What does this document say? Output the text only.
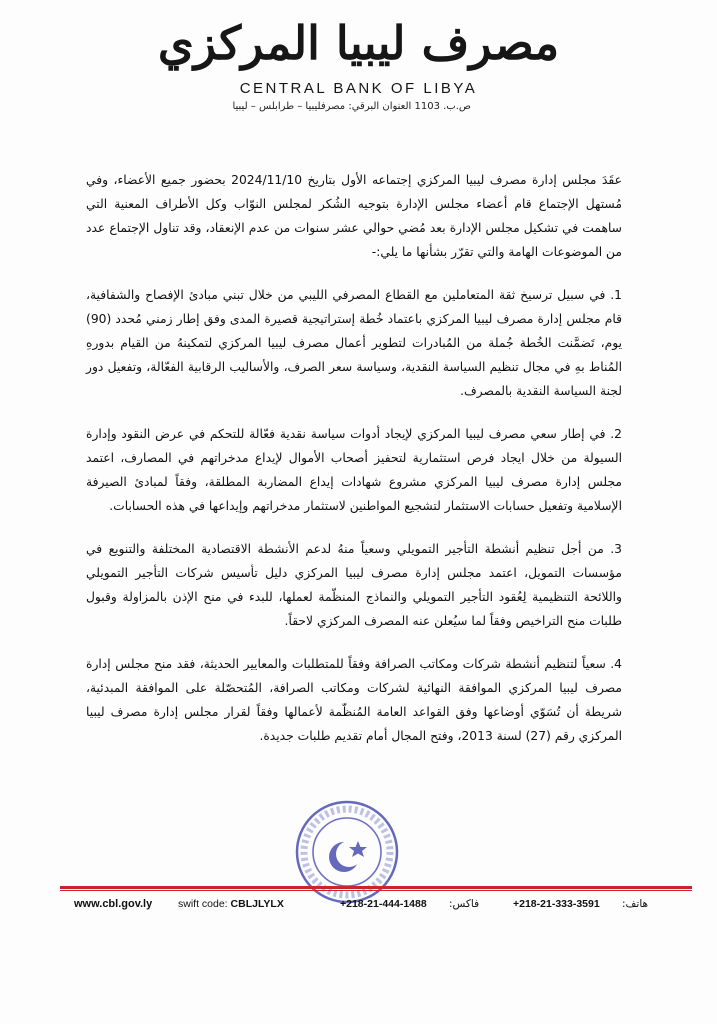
مصرف ليبيا المركزي
CENTRAL BANK OF LIBYA
ص.ب. 1103 العنوان البرقي: مصرفليبيا – طرابلس – ليبيا

عقَدَ مجلس إدارة مصرف ليبيا المركزي إجتماعه الأول بتاريخ 2024/11/10 بحضور جميع الأعضاء، وفي مُستهل الإجتماع قام أعضاء مجلس الإدارة بتوجيه الشُكر لمجلس النوّاب وكل الأطراف المعنية التي ساهمت في تشكيل مجلس الإدارة بعد مُضي حوالي عشر سنوات من عدم الإنعقاد، وقد تناول الإجتماع عدد من الموضوعات الهامة والتي تقرّر بشأنها ما يلي:-

1. في سبيل ترسيخ ثقة المتعاملين مع القطاع المصرفي الليبي من خلال تبني مبادئ الإفصاح والشفافية، قام مجلس إدارة مصرف ليبيا المركزي باعتماد خُطة إستراتيجية قصيرة المدى وفق إطار زمني مُحدد (90) يوم، تَضمَّنت الخُطة جُملة من المُبادرات لتطوير أعمال مصرف ليبيا المركزي لتمكينهُ من القيام بدورهِ المُناط بهِ في مجال تنظيم السياسة النقدية، وسياسة سعر الصرف، والأساليب الرقابية الفعّالة، وتفعيل دور لجنة السياسة النقدية بالمصرف.

2. في إطار سعي مصرف ليبيا المركزي لإيجاد أدوات سياسة نقدية فعّالة للتحكم في عرض النقود وإدارة السيولة من خلال ايجاد فرص استثمارية لتحفيز أصحاب الأموال لإيداع مدخراتهم في المصارف، اعتمد مجلس إدارة مصرف ليبيا المركزي مشروع شهادات إيداع المضاربة المطلقة، وفقاً لمبادئ الصيرفة الإسلامية وتفعيل حسابات الاستثمار لتشجيع المواطنين لاستثمار مدخراتهم وإيداعها في هذه الحسابات.

3. من أجل تنظيم أنشطة التأجير التمويلي وسعياً منهُ لدعم الأنشطة الاقتصادية المختلفة والتنويع في مؤسسات التمويل، اعتمد مجلس إدارة مصرف ليبيا المركزي دليل تأسيس شركات التأجير التمويلي واللائحة التنظيمية لِعُقود التأجير التمويلي والنماذج المنظّمة لعملها، للبدء في منح الإذن بالمزاولة وقبول طلبات منح التراخيص وفقاً لما سيُعلن عنه المصرف المركزي لاحقاً.

4. سعياً لتنظيم أنشطة شركات ومكاتب الصرافة وفقاً للمتطلبات والمعايير الحديثة، فقد منح مجلس إدارة مصرف ليبيا المركزي الموافقة النهائية لشركات ومكاتب الصرافة، المُتحصّلة على الموافقة المبدئية، شريطة أن تُسَوّي أوضاعها وفق القواعد العامة المُنظّمة لأعمالها وفقاً لقرار مجلس إدارة مصرف ليبيا المركزي رقم (27) لسنة 2013، وفتح المجال أمام تقديم طلبات جديدة.

www.cbl.gov.ly swift code: CBLJLYLX	+218-21-444-1488 فاكس:	+218-21-333-3591 هاتف:
